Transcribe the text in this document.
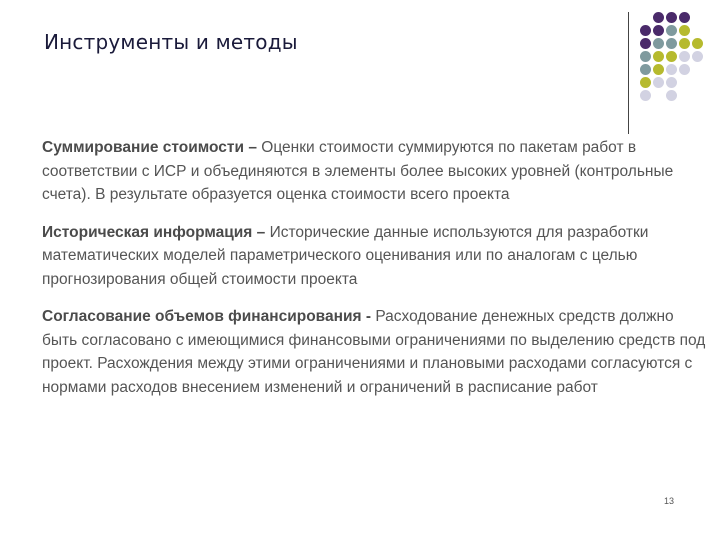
Инструменты и методы

Суммирование стоимости – Оценки стоимости суммируются по пакетам работ в соответствии с ИСР и объединяются в элементы более высоких уровней (контрольные счета). В результате образуется оценка стоимости всего проекта

Историческая информация – Исторические данные используются для разработки математических моделей параметрического оценивания или по аналогам с целью прогнозирования общей стоимости проекта

Согласование объемов финансирования - Расходование денежных средств должно быть согласовано с имеющимися финансовыми ограничениями по выделению средств под проект. Расхождения между этими ограничениями и плановыми расходами согласуются с нормами расходов внесением изменений и ограничений в расписание работ

13
